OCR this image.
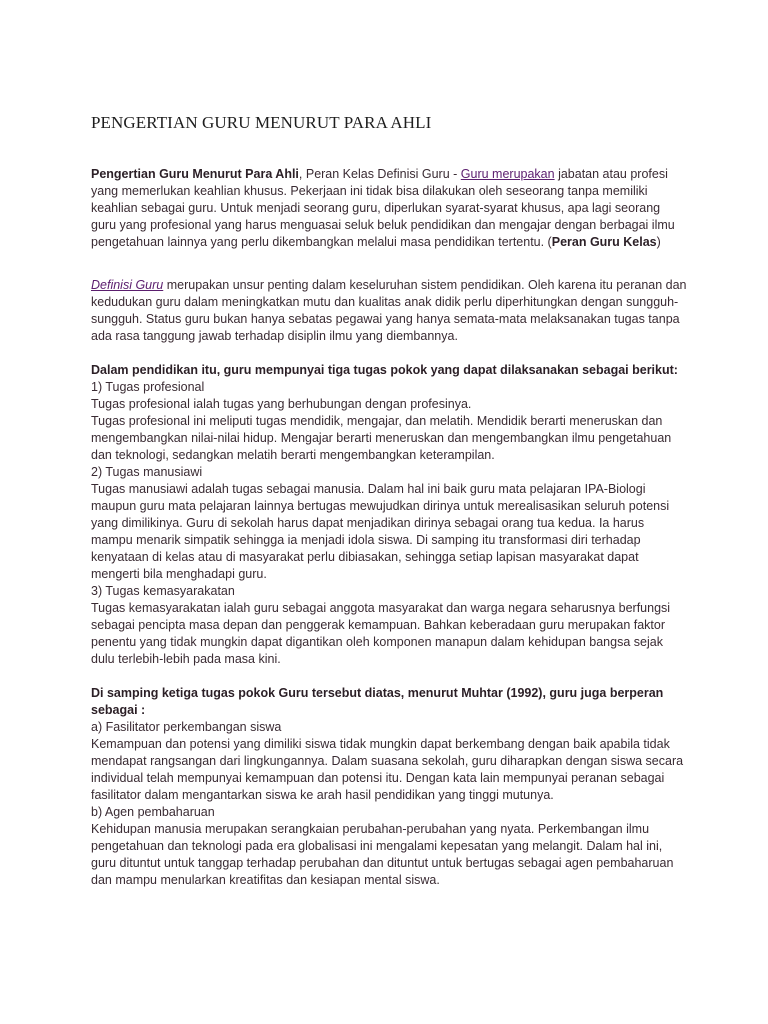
PENGERTIAN GURU MENURUT PARA AHLI

Pengertian Guru Menurut Para Ahli, Peran Kelas Definisi Guru - Guru merupakan jabatan atau profesi yang memerlukan keahlian khusus. Pekerjaan ini tidak bisa dilakukan oleh seseorang tanpa memiliki keahlian sebagai guru. Untuk menjadi seorang guru, diperlukan syarat-syarat khusus, apa lagi seorang guru yang profesional yang harus menguasai seluk beluk pendidikan dan mengajar dengan berbagai ilmu pengetahuan lainnya yang perlu dikembangkan melalui masa pendidikan tertentu. (Peran Guru Kelas)

Definisi Guru merupakan unsur penting dalam keseluruhan sistem pendidikan. Oleh karena itu peranan dan kedudukan guru dalam meningkatkan mutu dan kualitas anak didik perlu diperhitungkan dengan sungguh-sungguh. Status guru bukan hanya sebatas pegawai yang hanya semata-mata melaksanakan tugas tanpa ada rasa tanggung jawab terhadap disiplin ilmu yang diembannya.

Dalam pendidikan itu, guru mempunyai tiga tugas pokok yang dapat dilaksanakan sebagai berikut:

1) Tugas profesional
Tugas profesional ialah tugas yang berhubungan dengan profesinya.
Tugas profesional ini meliputi tugas mendidik, mengajar, dan melatih. Mendidik berarti meneruskan dan mengembangkan nilai-nilai hidup. Mengajar berarti meneruskan dan mengembangkan ilmu pengetahuan dan teknologi, sedangkan melatih berarti mengembangkan keterampilan.
2) Tugas manusiawi
Tugas manusiawi adalah tugas sebagai manusia. Dalam hal ini baik guru mata pelajaran IPA-Biologi maupun guru mata pelajaran lainnya bertugas mewujudkan dirinya untuk merealisasikan seluruh potensi yang dimilikinya. Guru di sekolah harus dapat menjadikan dirinya sebagai orang tua kedua. Ia harus mampu menarik simpatik sehingga ia menjadi idola siswa. Di samping itu transformasi diri terhadap kenyataan di kelas atau di masyarakat perlu dibiasakan, sehingga setiap lapisan masyarakat dapat mengerti bila menghadapi guru.
3) Tugas kemasyarakatan
Tugas kemasyarakatan ialah guru sebagai anggota masyarakat dan warga negara seharusnya berfungsi sebagai pencipta masa depan dan penggerak kemampuan. Bahkan keberadaan guru merupakan faktor penentu yang tidak mungkin dapat digantikan oleh komponen manapun dalam kehidupan bangsa sejak dulu terlebih-lebih pada masa kini.

Di samping ketiga tugas pokok Guru tersebut diatas, menurut Muhtar (1992), guru juga berperan sebagai :

a) Fasilitator perkembangan siswa
Kemampuan dan potensi yang dimiliki siswa tidak mungkin dapat berkembang dengan baik apabila tidak mendapat rangsangan dari lingkungannya. Dalam suasana sekolah, guru diharapkan dengan siswa secara individual telah mempunyai kemampuan dan potensi itu. Dengan kata lain mempunyai peranan sebagai fasilitator dalam mengantarkan siswa ke arah hasil pendidikan yang tinggi mutunya.
b) Agen pembaharuan
Kehidupan manusia merupakan serangkaian perubahan-perubahan yang nyata. Perkembangan ilmu pengetahuan dan teknologi pada era globalisasi ini mengalami kepesatan yang melangit. Dalam hal ini, guru dituntut untuk tanggap terhadap perubahan dan dituntut untuk bertugas sebagai agen pembaharuan dan mampu menularkan kreatifitas dan kesiapan mental siswa.
